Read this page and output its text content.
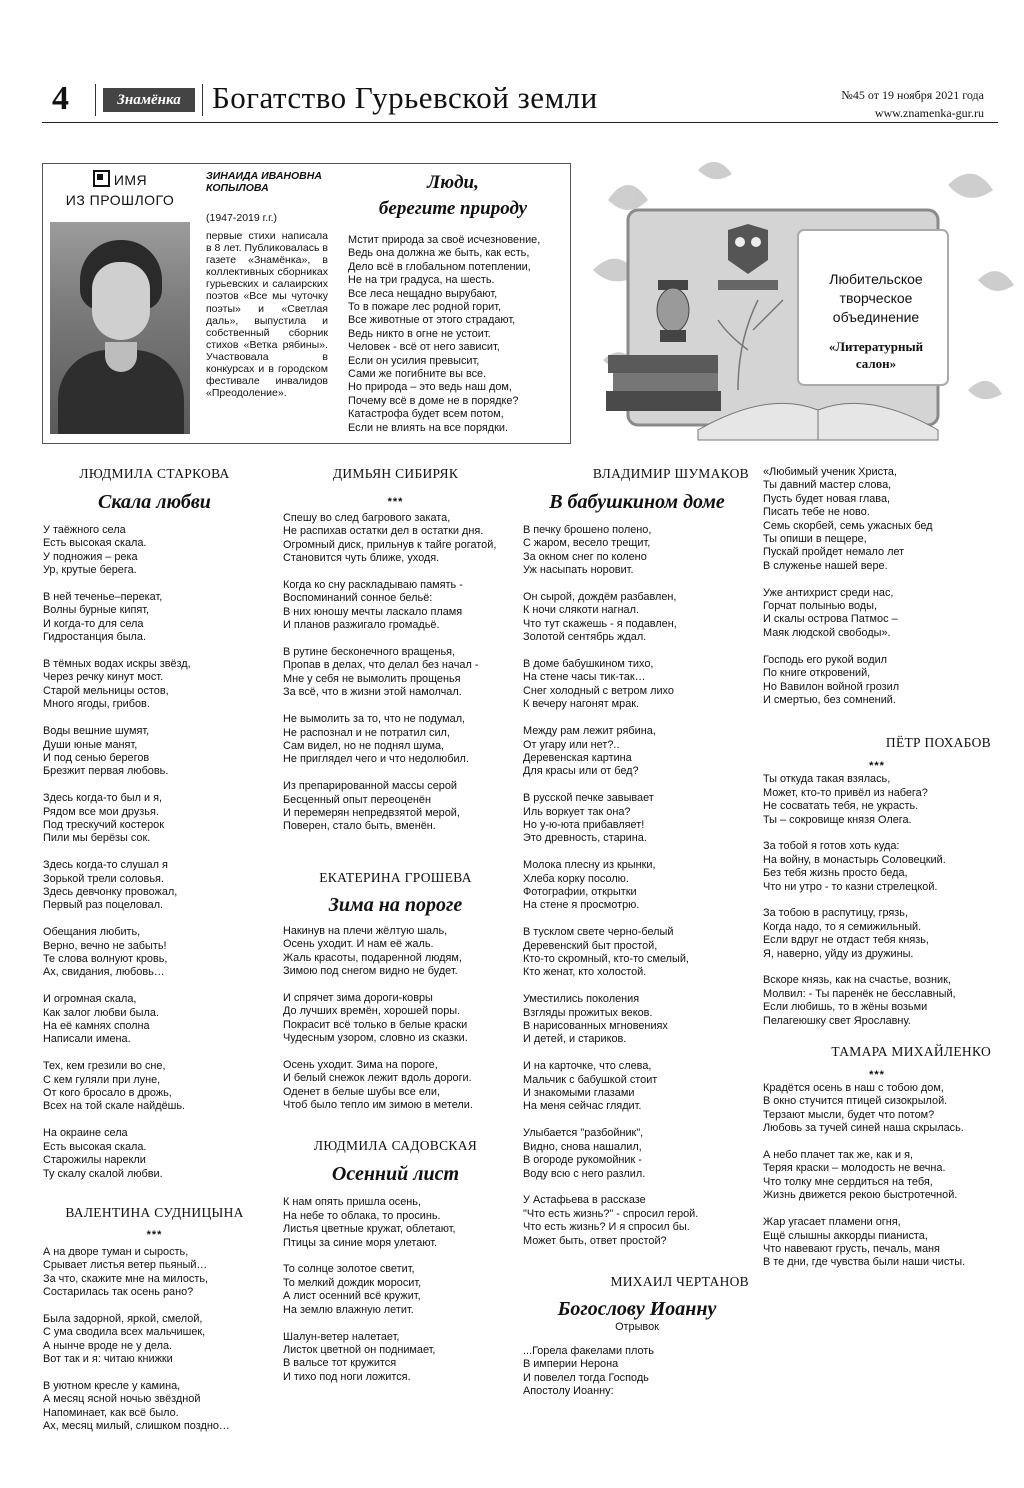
4	Знамёнка	Богатство Гурьевской земли	№45 от 19 ноября 2021 года
www.znamenka-gur.ru
ИМЯ
ИЗ ПРОШЛОГО
ЗИНАИДА ИВАНОВНА КОПЫЛОВА
(1947-2019 г.г.)
первые стихи написала в 8 лет. Публиковалась в газете «Знамёнка», в коллективных сборниках гурьевских и салаирских поэтов «Все мы чуточку поэты» и «Светлая даль», выпустила и собственный сборник стихов «Ветка рябины». Участвовала в конкурсах и в городском фестивале инвалидов «Преодоление».
Люди,
берегите природу
Мстит природа за своё исчезновение,
Ведь она должна же быть, как есть,
Дело всё в глобальном потеплении,
Не на три градуса, на шесть.
Все леса нещадно вырубают,
То в пожаре лес родной горит,
Все животные от этого страдают,
Ведь никто в огне не устоит.
Человек - всё от него зависит,
Если он усилия превысит,
Сами же погибните вы все.
Но природа – это ведь наш дом,
Почему всё в доме не в порядке?
Катастрофа будет всем потом,
Если не влиять на все порядки.
Любительское творческое объединение
«Литературный салон»
ЛЮДМИЛА СТАРКОВА
Скала любви
У таёжного села
Есть высокая скала.
У подножия – река
Ур, крутые берега.

В ней теченье–перекат,
Волны бурные кипят,
И когда-то для села
Гидростанция была.

В тёмных водах искры звёзд,
Через речку кинут мост.
Старой мельницы остов,
Много ягоды, грибов.

Воды вешние шумят,
Души юные манят,
И под сенью берегов
Брезжит первая любовь.

Здесь когда-то был и я,
Рядом все мои друзья.
Под трескучий костерок
Пили мы берёзы сок.

Здесь когда-то слушал я
Зорькой трели соловья.
Здесь девчонку провожал,
Первый раз поцеловал.

Обещания любить,
Верно, вечно не забыть!
Те слова волнуют кровь,
Ах, свидания, любовь…

И огромная скала,
Как залог любви была.
На её камнях сполна
Написали имена.

Тех, кем грезили во сне,
С кем гуляли при луне,
От кого бросало в дрожь,
Всех на той скале найдёшь.

На окраине села
Есть высокая скала.
Старожилы нарекли
Ту скалу скалой любви.
ВАЛЕНТИНА СУДНИЦЫНА
***
А на дворе туман и сырость,
Срывает листья ветер пьяный…
За что, скажите мне на милость,
Состарилась так осень рано?

Была задорной, яркой, смелой,
С ума сводила всех мальчишек,
А нынче вроде не у дела.
Вот так и я: читаю книжки

В уютном кресле у камина,
А месяц ясной ночью звёздной
Напоминает, как всё было.
Ах, месяц милый, слишком поздно…
ДИМЬЯН СИБИРЯК
***
Спешу во след багрового заката,
Не распихав остатки дел в остатки дня.
Огромный диск, прильнув к тайге рогатой,
Становится чуть ближе, уходя.

Когда ко сну раскладываю память -
Воспоминаний сонное бельё:
В них юношу мечты ласкало пламя
И планов разжигало громадьё.

В рутине бесконечного вращенья,
Пропав в делах, что делал без начал -
Мне у себя не вымолить прощенья
За всё, что в жизни этой намолчал.

Не вымолить за то, что не подумал,
Не распознал и не потратил сил,
Сам видел, но не поднял шума,
Не приглядел чего и что недолюбил.

Из препарированной массы серой
Бесценный опыт переоценён
И перемерян непредвзятой мерой,
Поверен, стало быть, вменён.
ЕКАТЕРИНА ГРОШЕВА
Зима на пороге
Накинув на плечи жёлтую шаль,
Осень уходит. И нам её жаль.
Жаль красоты, подаренной людям,
Зимою под снегом видно не будет.

И спрячет зима дороги-ковры
До лучших времён, хорошей поры.
Покрасит всё только в белые краски
Чудесным узором, словно из сказки.

Осень уходит. Зима на пороге,
И белый снежок лежит вдоль дороги.
Оденет в белые шубы все ели,
Чтоб было тепло им зимою в метели.
ЛЮДМИЛА САДОВСКАЯ
Осенний лист
К нам опять пришла осень,
На небе то облака, то просинь.
Листья цветные кружат, облетают,
Птицы за синие моря улетают.

То солнце золотое светит,
То мелкий дождик моросит,
А лист осенний всё кружит,
На землю влажную летит.

Шалун-ветер налетает,
Листок цветной он поднимает,
В вальсе тот кружится
И тихо под ноги ложится.
ВЛАДИМИР ШУМАКОВ
В бабушкином доме
В печку брошено полено,
С жаром, весело трещит,
За окном снег по колено
Уж насыпать норовит.

Он сырой, дождём разбавлен,
К ночи слякоти нагнал.
Что тут скажешь - я подавлен,
Золотой сентябрь ждал.

В доме бабушкином тихо,
На стене часы тик-так…
Снег холодный с ветром лихо
К вечеру нагонят мрак.

Между рам лежит рябина,
От угару или нет?..
Деревенская картина
Для красы или от бед?

В русской печке завывает
Иль воркует так она?
Но у-ю-юта прибавляет!
Это древность, старина.

Молока плесну из крынки,
Хлеба корку посолю.
Фотографии, открытки
На стене я просмотрю.

В тусклом свете черно-белый
Деревенский быт простой,
Кто-то скромный, кто-то смелый,
Кто женат, кто холостой.

Уместились поколения
Взгляды прожитых веков.
В нарисованных мгновениях
И детей, и стариков.

И на карточке, что слева,
Мальчик с бабушкой стоит
И знакомыми глазами
На меня сейчас глядит.

Улыбается "разбойник",
Видно, снова нашалил,
В огороде рукомойник -
Воду всю с него разлил.

У Астафьева в рассказе
"Что есть жизнь?" - спросил герой.
Что есть жизнь? И я спросил бы.
Может быть, ответ простой?
МИХАИЛ ЧЕРТАНОВ
Богослову Иоанну
Отрывок
...Горела факелами плоть
В империи Нерона
И повелел тогда Господь
Апостолу Иоанну:
«Любимый ученик Христа,
Ты давний мастер слова,
Пусть будет новая глава,
Писать тебе не ново.
Семь скорбей, семь ужасных бед
Ты опиши в пещере,
Пускай пройдет немало лет
В служенье нашей вере.

Уже антихрист среди нас,
Горчат полынью воды,
И скалы острова Патмос –
Маяк людской свободы».

Господь его рукой водил
По книге откровений,
Но Вавилон войной грозил
И смертью, без сомнений.
ПЁТР ПОХАБОВ
***
Ты откуда такая взялась,
Может, кто-то привёл из набега?
Не сосватать тебя, не украсть.
Ты – сокровище князя Олега.

За тобой я готов хоть куда:
На войну, в монастырь Соловецкий.
Без тебя жизнь просто беда,
Что ни утро - то казни стрелецкой.

За тобою в распутицу, грязь,
Когда надо, то я семижильный.
Если вдруг не отдаст тебя князь,
Я, наверно, уйду из дружины.

Вскоре князь, как на счастье, возник,
Молвил: - Ты паренёк не бесславный,
Если любишь, то в жёны возьми
Пелагеюшку свет Ярославну.
ТАМАРА МИХАЙЛЕНКО
***
Крадётся осень в наш с тобою дом,
В окно стучится птицей сизокрылой.
Терзают мысли, будет что потом?
Любовь за тучей синей наша скрылась.

А небо плачет так же, как и я,
Теряя краски – молодость не вечна.
Что толку мне сердиться на тебя,
Жизнь движется рекою быстротечной.

Жар угасает пламени огня,
Ещё слышны аккорды пианиста,
Что навевают грусть, печаль, маня
В те дни, где чувства были наши чисты.
